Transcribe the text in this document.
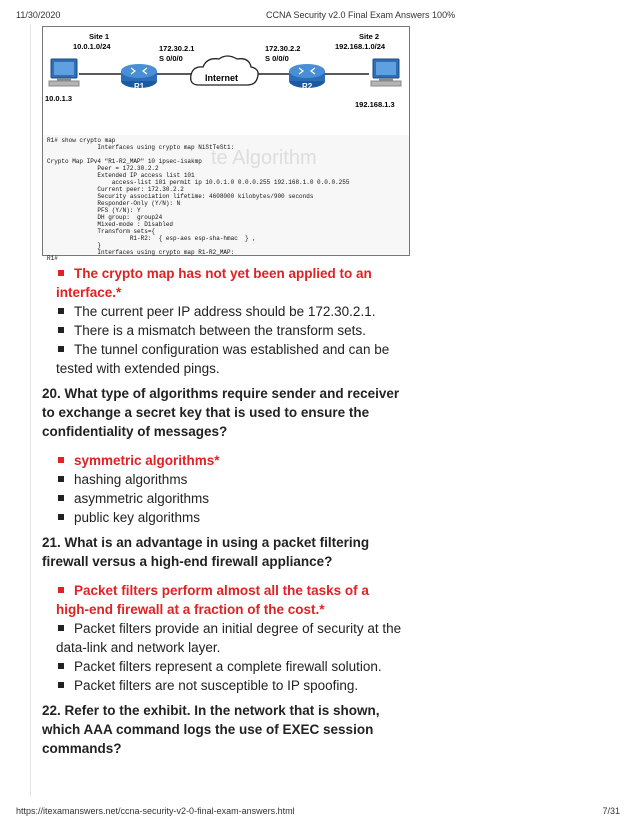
11/30/2020	CCNA Security v2.0 Final Exam Answers 100%
Site 1
10.0.1.0/24	172.30.2.1
S 0/0/0
172.30.2.2
S 0/0/0
Site 2
192.168.1.0/24
Internet
R1	R2
10.0.1.3
192.168.1.3
te Algorithm
R1# show crypto map
Interfaces using crypto map NiStTeSt1:
Crypto Map IPv4 "R1-R2_MAP" 10 ipsec-isakmp
Peer = 172.30.2.2
Extended IP access list 101
access-list 101 permit ip 10.0.1.0 0.0.0.255 192.168.1.0 0.0.0.255
Current peer: 172.30.2.2
Security association lifetime: 4608000 kilobytes/900 seconds
Responder-Only (Y/N): N
PFS (Y/N): Y
DH group:  group24
Mixed-mode : Disabled
Transform sets={
R1-R2:  { esp-aes esp-sha-hmac  } ,
}
Interfaces using crypto map R1-R2_MAP:
R1#
The crypto map has not yet been applied to an interface.*
The current peer IP address should be 172.30.2.1.
There is a mismatch between the transform sets.
The tunnel configuration was established and can be tested with extended pings.
20. What type of algorithms require sender and receiver to exchange a secret key that is used to ensure the confidentiality of messages?
symmetric algorithms*
hashing algorithms
asymmetric algorithms
public key algorithms
21. What is an advantage in using a packet filtering firewall versus a high-end firewall appliance?
Packet filters perform almost all the tasks of a high-end firewall at a fraction of the cost.*
Packet filters provide an initial degree of security at the data-link and network layer.
Packet filters represent a complete firewall solution.
Packet filters are not susceptible to IP spoofing.
22. Refer to the exhibit. In the network that is shown, which AAA command logs the use of EXEC session commands?
https://itexamanswers.net/ccna-security-v2-0-final-exam-answers.html	7/31
